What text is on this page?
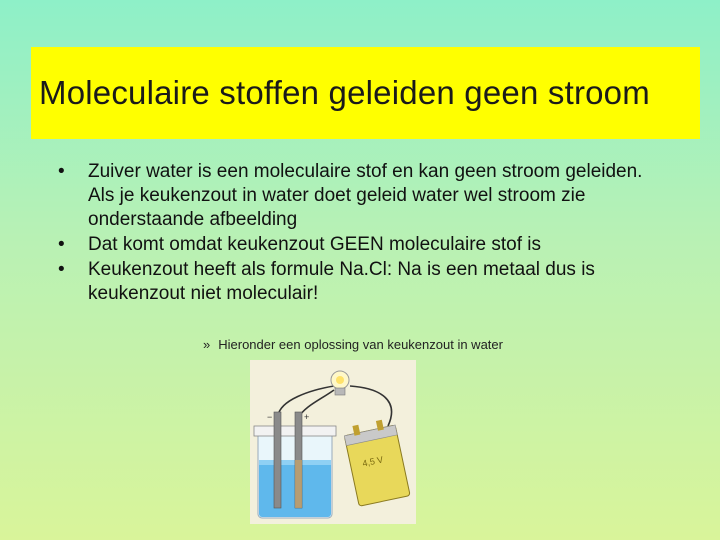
Moleculaire stoffen geleiden geen stroom
• Zuiver water is een moleculaire stof en kan geen stroom geleiden. Als je keukenzout in water doet geleid water wel stroom zie onderstaande afbeelding
• Dat komt omdat keukenzout GEEN moleculaire stof is
• Keukenzout heeft als formule Na.Cl: Na is een metaal dus is keukenzout niet moleculair!
» Hieronder een oplossing van keukenzout in water
−	+
4,5 V
